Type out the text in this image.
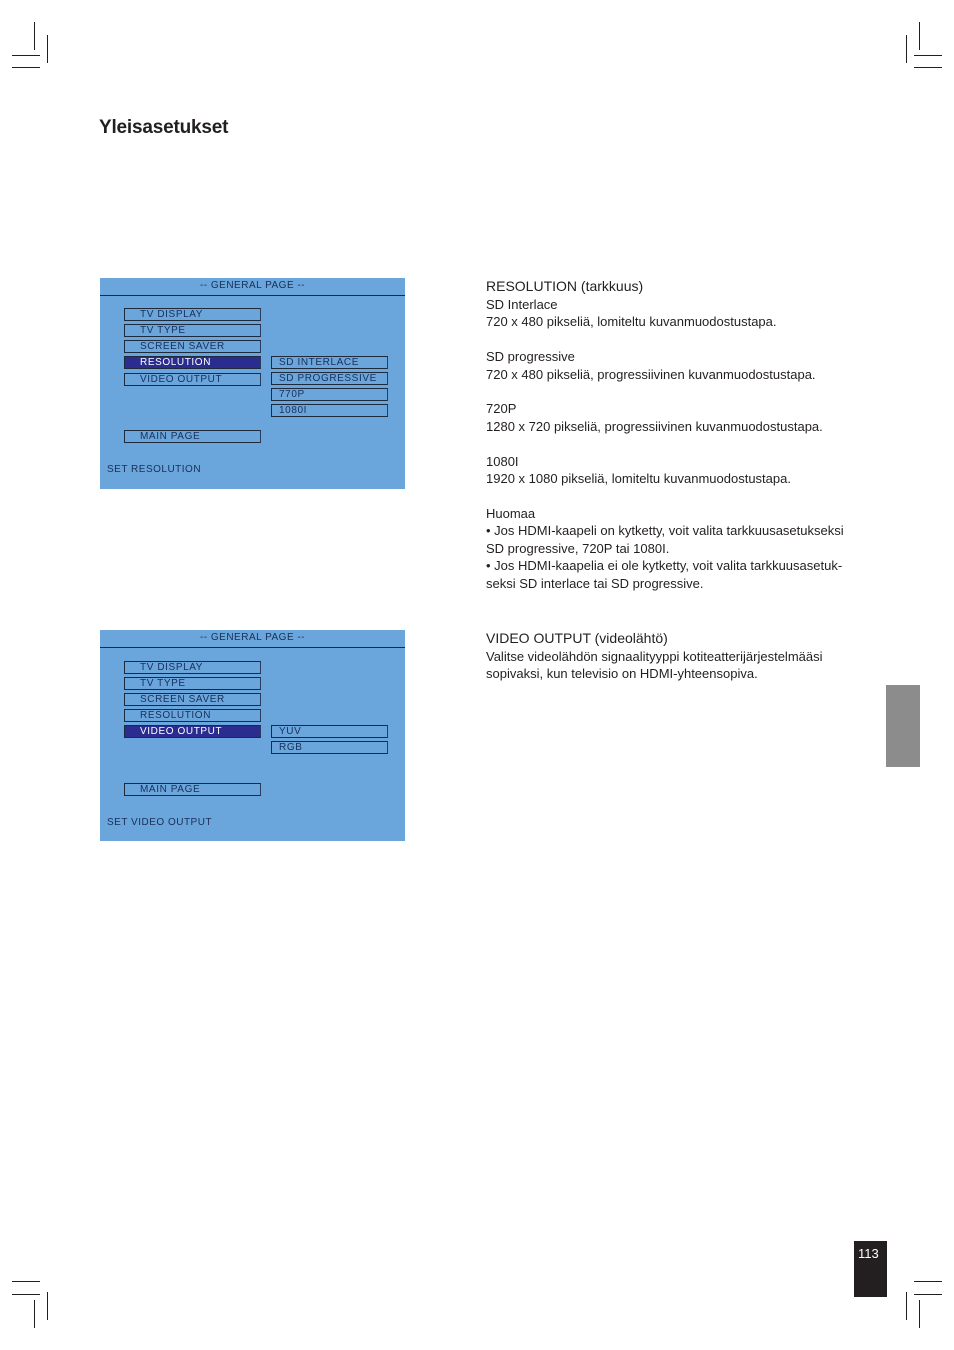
Yleisasetukset
-- GENERAL PAGE --
TV DISPLAY
TV TYPE
SCREEN SAVER
RESOLUTION
VIDEO OUTPUT
SD INTERLACE
SD PROGRESSIVE
770P
1080I
MAIN PAGE
SET RESOLUTION
-- GENERAL PAGE --
TV DISPLAY
TV TYPE
SCREEN SAVER
RESOLUTION
VIDEO OUTPUT	YUV
RGB
MAIN PAGE
SET VIDEO OUTPUT
RESOLUTION (tarkkuus)

SD Interlace

720 x 480 pikseliä, lomiteltu kuvanmuodostustapa.

SD progressive

720 x 480 pikseliä, progressiivinen kuvanmuodostustapa.

720P

1280 x 720 pikseliä, progressiivinen kuvanmuodostustapa.

1080I

1920 x 1080 pikseliä, lomiteltu kuvanmuodostustapa.

Huomaa

• Jos HDMI-kaapeli on kytketty, voit valita tarkkuusasetukseksi

SD progressive, 720P tai 1080I.

• Jos HDMI-kaapelia ei ole kytketty, voit valita tarkkuusasetuk-

seksi SD interlace tai SD progressive.

VIDEO OUTPUT (videolähtö)

Valitse videolähdön signaalityyppi kotiteatterijärjestelmääsi

sopivaksi, kun televisio on HDMI-yhteensopiva.

113
